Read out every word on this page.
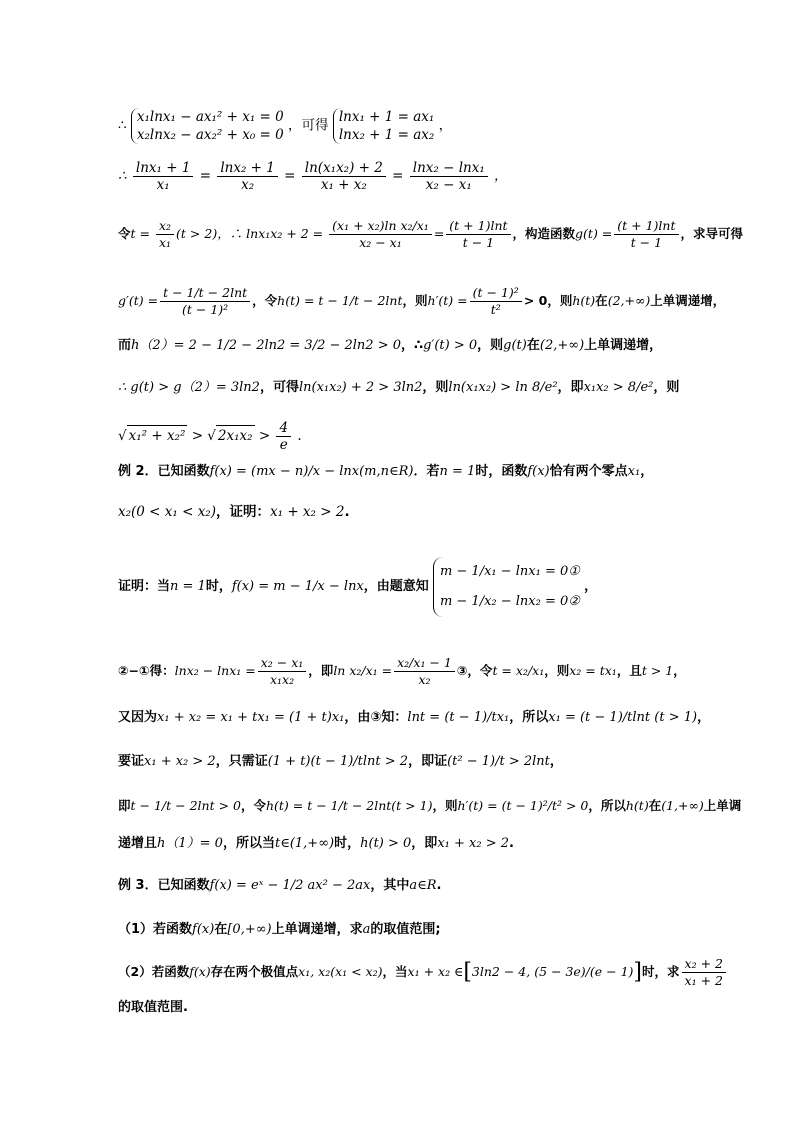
∴ x₁lnx₁ − ax₁² + x₁ = 0
x₂lnx₂ − ax₂² + x₀ = 0 ，可得 lnx₁ + 1 = ax₁
lnx₂ + 1 = ax₂ ，
∴ $\frac{\text{lnx₁ + 1}}{\text{x₁}} = \frac{\text{lnx₂ + 1}}{\text{x₂}} = \frac{\text{ln(x₁x₂) + 2}}{\text{x₁ + x₂}} = \frac{\text{lnx₂ − lnx₁}}{\text{x₂ − x₁}}$ ，
令$t = \frac{\text{x₂}}{\text{x₁}} (t > 2)$，∴ $\ln x_1x_2 + 2 = \frac{\text{(x₁ + x₂)ln x₂/x₁}}{\text{x₂ − x₁}} = \frac{(t + 1)\ln t}{t - 1}$ ，构造函数$g(t) = \frac{(t + 1)\ln t}{t - 1}$ ，求导可得
$g'(t) = \frac{t - 1/t - 2\ln t}{\text{(t − 1)²}}$ ，令h(t) = t − 1/t − 2lnt，则$h'(t) = \frac{\text{(t − 1)²}}{\text{t²}} > 0$，则h(t)在(2,+∞)上单调递增，
而h（2）= 2 − 1/2 − 2ln2 = 3/2 − 2ln2 > 0，∴g′(t) > 0，则g(t)在(2,+∞)上单调递增，
∴ g(t) > g（2）= 3ln2，可得ln(x₁x₂) + 2 > 3ln2，则ln(x₁x₂) > ln 8/e²，即x₁x₂ > 8/e²，则
√ x₁² + x₂² > √ $2x_1x_2 > \frac{4}{e}$ .
例 2．已知函数f(x) = (mx − n)/x − lnx(m,n∈R)．若n = 1时，函数f(x)恰有两个零点x₁，
x₂(0 < x₁ < x₂)，证明：x₁ + x₂ > 2.
证明：当n = 1时，f(x) = m − 1/x − lnx，由题意知 m − 1/x₁ − lnx₁ = 0①
m − 1/x₂ − lnx₂ = 0② ，
②−①得：$\ln x_2 - \ln x_1 = \frac{\text{x₂ − x₁}}{\text{x₁x₂}}$ ，即$\ln x_2/x_1 = \frac{\text{x₂/x₁ − 1}}{\text{x₂}}$ ③，令t = x₂/x₁，则x₂ = tx₁，且t > 1，
又因为x₁ + x₂ = x₁ + tx₁ = (1 + t)x₁，由③知：lnt = (t − 1)/tx₁，所以x₁ = (t − 1)/tlnt (t > 1)，
要证x₁ + x₂ > 2，只需证(1 + t)(t − 1)/tlnt > 2，即证(t² − 1)/t > 2lnt，
即t − 1/t − 2lnt > 0，令h(t) = t − 1/t − 2lnt(t > 1)，则h′(t) = (t − 1)²/t² > 0，所以h(t)在(1,+∞)上单调
递增且h（1）= 0，所以当t∈(1,+∞)时，h(t) > 0，即x₁ + x₂ > 2.
例 3．已知函数f(x) = eˣ − 1/2 ax² − 2ax，其中a∈R.
（1）若函数f(x)在[0,+∞)上单调递增，求a的取值范围;
（2）若函数f(x)存在两个极值点x₁, x₂(x₁ < x₂)，当x₁ + x₂ ∈[3ln2 − 4, (5 − 3e)/(e − 1)]时，求 $\frac{\text{x₂ + 2}}{\text{x₁ + 2}}$
的取值范围.
